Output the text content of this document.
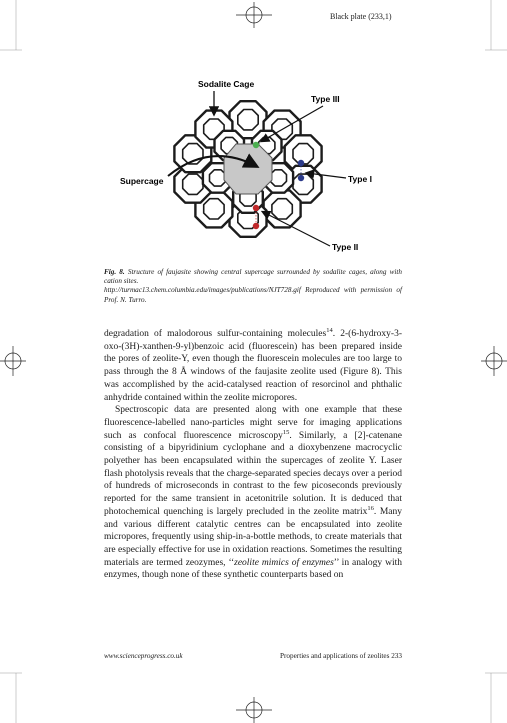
Black plate (233,1)
Sodalite Cage
Type III
Supercage	Type I
Type II
Fig. 8. Structure of faujasite showing central supercage surrounded by sodalite cages, along with cation sites.
http://turmac13.chem.columbia.edu/images/publications/NJT728.gif Reproduced with permission of Prof. N. Turro.

degradation of malodorous sulfur-containing molecules$^{14}$. 2-(6-hydroxy-3-oxo-(3H)-xanthen-9-yl)benzoic acid (fluorescein) has been prepared inside the pores of zeolite-Y, even though the fluorescein molecules are too large to pass through the 8 Å windows of the faujasite zeolite used (Figure 8). This was accomplished by the acid-catalysed reaction of resorcinol and phthalic anhydride contained within the zeolite micropores.

Spectroscopic data are presented along with one example that these fluorescence-labelled nano-particles might serve for imaging applications such as confocal fluorescence microscopy$^{15}$. Similarly, a [2]-catenane consisting of a bipyridinium cyclophane and a dioxybenzene macrocyclic polyether has been encapsulated within the supercages of zeolite Y. Laser flash photolysis reveals that the charge-separated species decays over a period of hundreds of microseconds in contrast to the few picoseconds previously reported for the same transient in acetonitrile solution. It is deduced that photochemical quenching is largely precluded in the zeolite matrix$^{16}$. Many and various different catalytic centres can be encapsulated into zeolite micropores, frequently using ship-in-a-bottle methods, to create materials that are especially effective for use in oxidation reactions. Sometimes the resulting materials are termed zeozymes, ‘‘zeolite mimics of enzymes’’ in analogy with enzymes, though none of these synthetic counterparts based on

www.scienceprogress.co.uk	Properties and applications of zeolites 233
